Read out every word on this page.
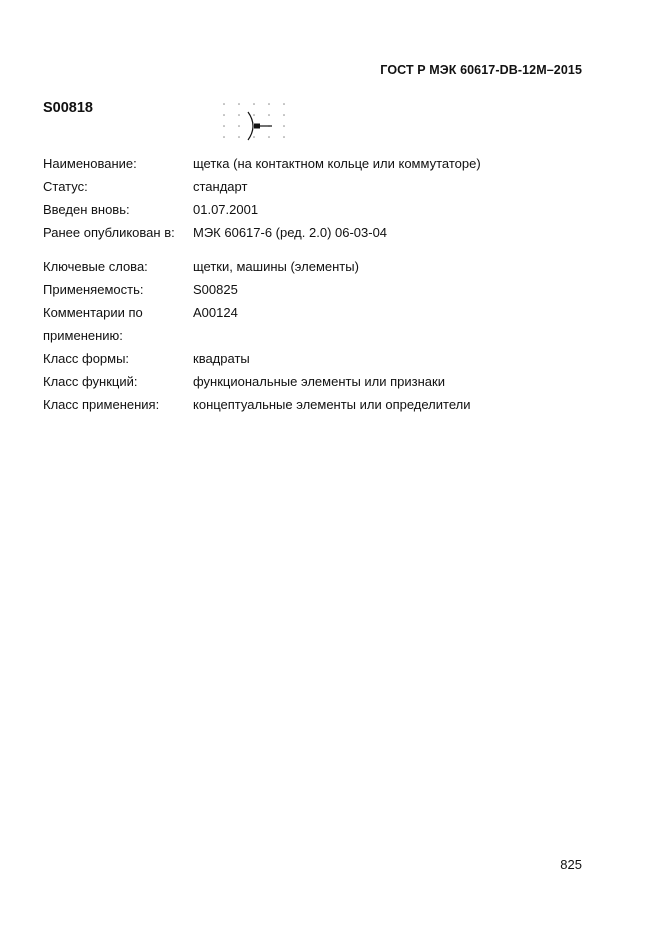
ГОСТ Р МЭК 60617-DB-12M–2015
S00818
Наименование:	щетка (на контактном кольце или коммутаторе)
Статус:	стандарт
Введен вновь:	01.07.2001
Ранее опубликован в: МЭК 60617-6 (ред. 2.0) 06-03-04
Ключевые слова:	щетки, машины (элементы)
Применяемость:	S00825
Комментарии по	A00124
применению:
Класс формы:	квадраты
Класс функций:	функциональные элементы или признаки
Класс применения:	концептуальные элементы или определители
825
